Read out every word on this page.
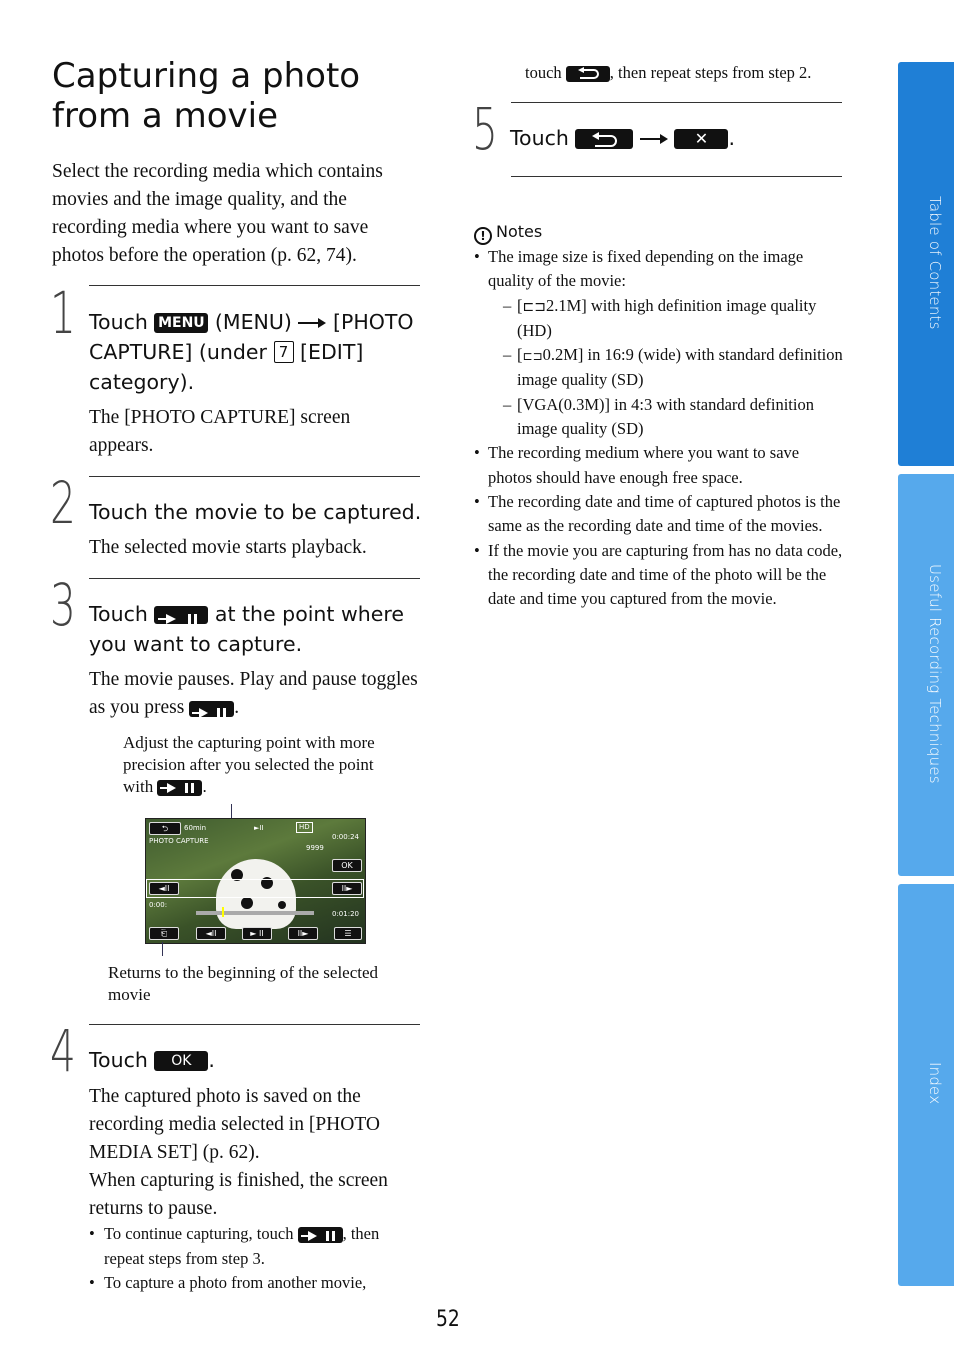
Capturing a photo from a movie
Select the recording media which contains movies and the image quality, and the recording media where you want to save photos before the operation (p. 62, 74).
1 Touch MENU (MENU) [PHOTO CAPTURE] (under 7 [EDIT] category).
The [PHOTO CAPTURE] screen appears.
2 Touch the movie to be captured.
The selected movie starts playback.
3 Touch	at the point where you want to capture.
The movie pauses. Play and pause toggles as you press	.
Adjust the capturing point with more precision after you selected the point with	.
⮌	60min	►II	HD
PHOTO CAPTURE	0:00:24
9999
OK
◄II	II►
0:00:
0:01:20
⎗	◄II	► II	II►	☰
Returns to the beginning of the selected movie
4 Touch OK .
The captured photo is saved on the recording media selected in [PHOTO MEDIA SET] (p. 62).
When capturing is finished, the screen returns to pause.
• To continue capturing, touch	, then repeat steps from step 3.
• To capture a photo from another movie,
touch	, then repeat steps from step 2.
5 Touch	✕ .
! Notes
• The image size is fixed depending on the image quality of the movie:
– [⊏⊐2.1M] with high definition image quality (HD)
– [⊏⊐0.2M] in 16:9 (wide) with standard definition image quality (SD)
– [VGA(0.3M)] in 4:3 with standard definition image quality (SD)
• The recording medium where you want to save photos should have enough free space.
• The recording date and time of captured photos is the same as the recording date and time of the movies.
• If the movie you are capturing from has no data code, the recording date and time of the photo will be the date and time you captured from the movie.
Table of Contents
Useful Recording Techniques
Index
52
